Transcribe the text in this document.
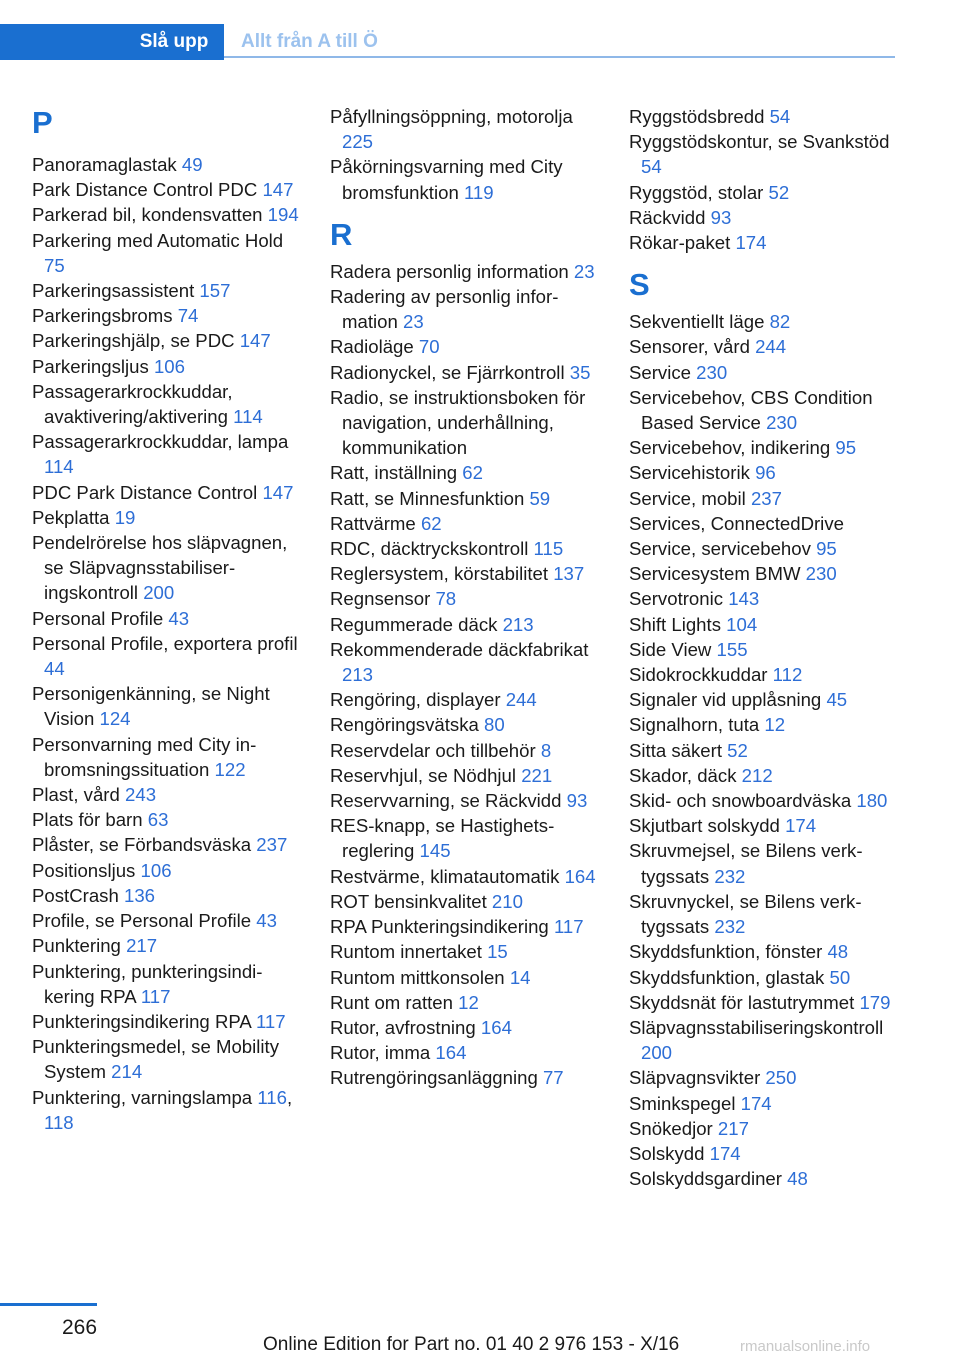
Slå upp	Allt från A till Ö
P
Panoramaglastak 49
Park Distance Control PDC 147
Parkerad bil, kondensvatten 194
Parkering med Automatic Hold 75
Parkeringsassistent 157
Parkeringsbroms 74
Parkeringshjälp, se PDC 147
Parkeringsljus 106
Passagerarkrockkuddar, avaktivering/aktivering 114
Passagerarkrockkuddar, lampa 114
PDC Park Distance Control 147
Pekplatta 19
Pendelrörelse hos släpvagnen, se Släpvagnsstabiliseringskontroll 200
Personal Profile 43
Personal Profile, exportera profil 44
Personigenkänning, se Night Vision 124
Personvarning med City inbromsningssituation 122
Plast, vård 243
Plats för barn 63
Plåster, se Förbandsväska 237
Positionsljus 106
PostCrash 136
Profile, se Personal Profile 43
Punktering 217
Punktering, punkteringsindikering RPA 117
Punkteringsindikering RPA 117
Punkteringsmedel, se Mobility System 214
Punktering, varningslampa 116, 118
Påfyllningsöppning, motorolja 225
Påkörningsvarning med City bromsfunktion 119
R
Radera personlig information 23
Radering av personlig information 23
Radioläge 70
Radionyckel, se Fjärrkontroll 35
Radio, se instruktionsboken för navigation, underhållning, kommunikation
Ratt, inställning 62
Ratt, se Minnesfunktion 59
Rattvärme 62
RDC, däcktryckskontroll 115
Reglersystem, körstabilitet 137
Regnsensor 78
Regummerade däck 213
Rekommenderade däckfabrikat 213
Rengöring, displayer 244
Rengöringsvätska 80
Reservdelar och tillbehör 8
Reservhjul, se Nödhjul 221
Reservvarning, se Räckvidd 93
RES-knapp, se Hastighetsreglering 145
Restvärme, klimatautomatik 164
ROT bensinkvalitet 210
RPA Punkteringsindikering 117
Runtom innertaket 15
Runtom mittkonsolen 14
Runt om ratten 12
Rutor, avfrostning 164
Rutor, imma 164
Rutrengöringsanläggning 77
Ryggstödsbredd 54
Ryggstödskontur, se Svankstöd 54
Ryggstöd, stolar 52
Räckvidd 93
Rökar-paket 174
S
Sekventiellt läge 82
Sensorer, vård 244
Service 230
Servicebehov, CBS Condition Based Service 230
Servicebehov, indikering 95
Servicehistorik 96
Service, mobil 237
Services, ConnectedDrive
Service, servicebehov 95
Servicesystem BMW 230
Servotronic 143
Shift Lights 104
Side View 155
Sidokrockkuddar 112
Signaler vid upplåsning 45
Signalhorn, tuta 12
Sitta säkert 52
Skador, däck 212
Skid- och snowboardväska 180
Skjutbart solskydd 174
Skruvmejsel, se Bilens verktygssats 232
Skruvnyckel, se Bilens verktygssats 232
Skyddsfunktion, fönster 48
Skyddsfunktion, glastak 50
Skyddsnät för lastutrymmet 179
Släpvagnsstabiliseringskontroll 200
Släpvagnsvikter 250
Sminkspegel 174
Snökedjor 217
Solskydd 174
Solskyddsgardiner 48
266
Online Edition for Part no. 01 40 2 976 153 - X/16	rmanualsonline.info
